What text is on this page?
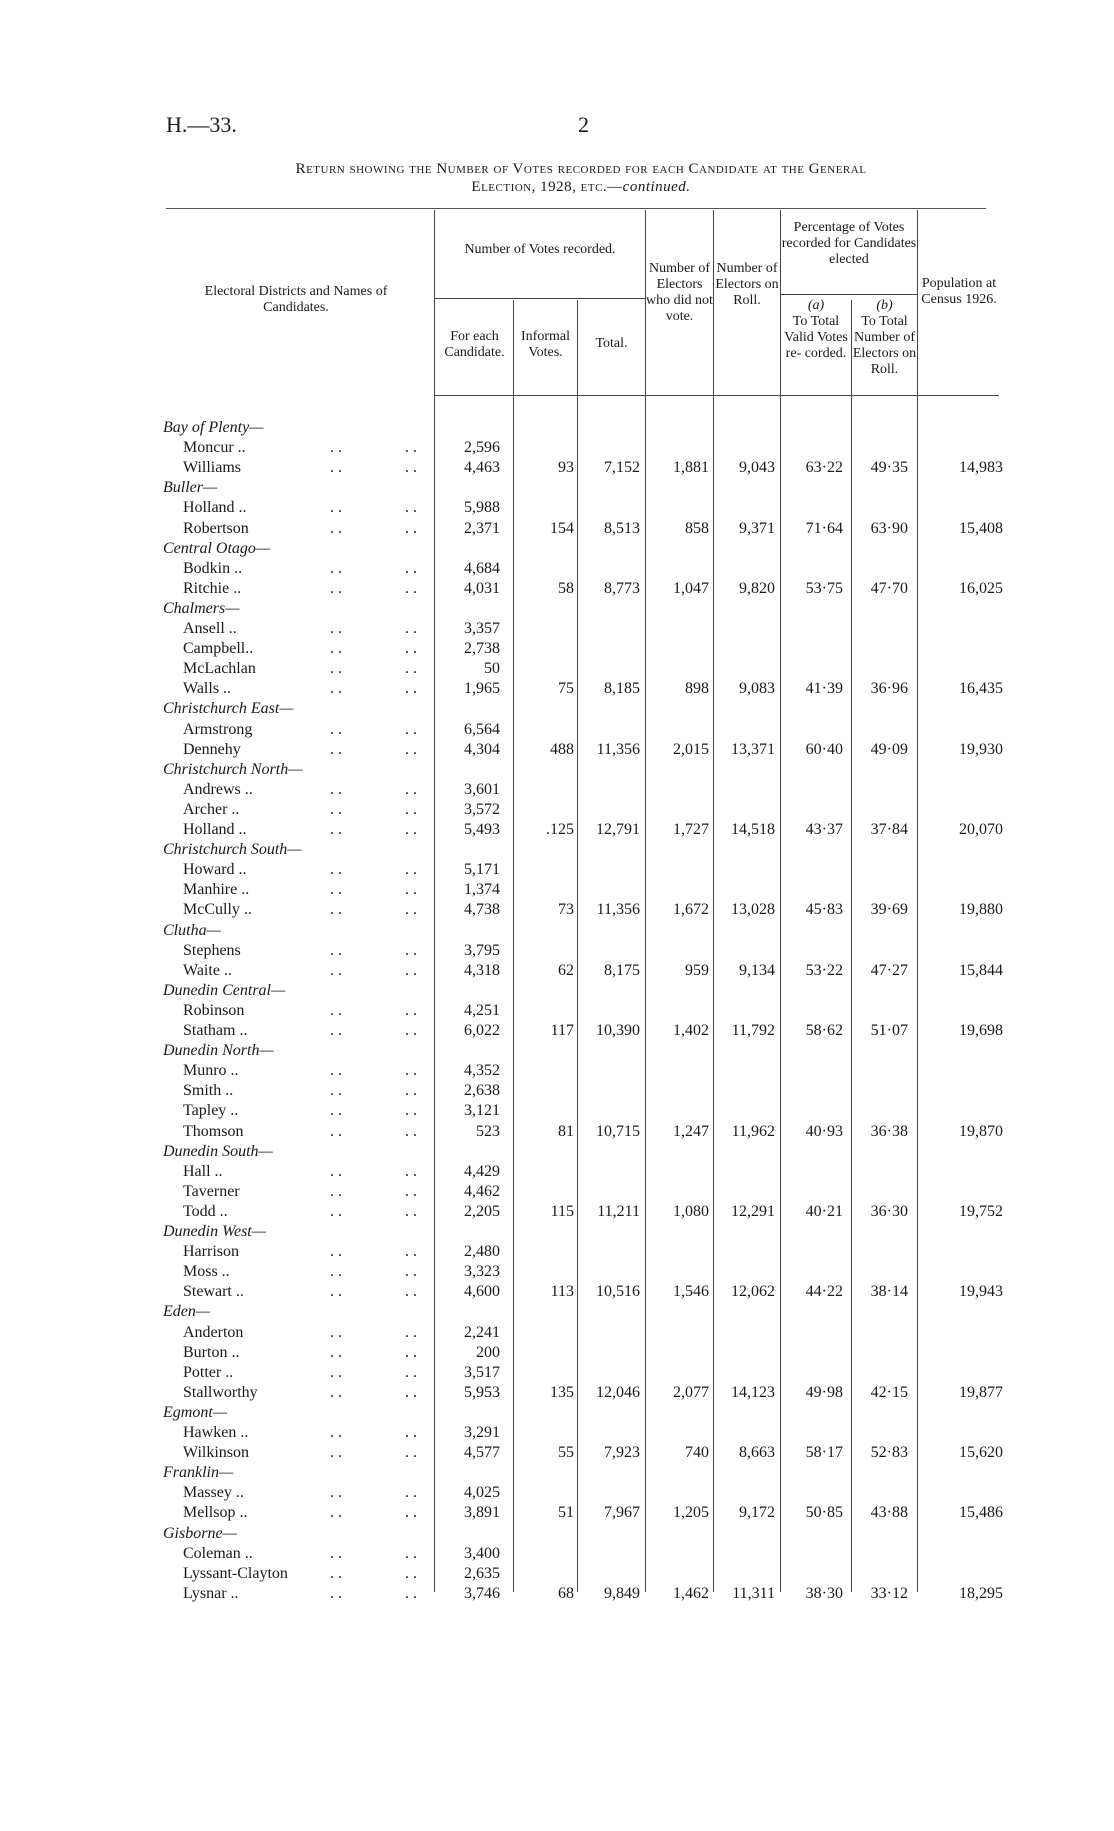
H.—33.	2
Return showing the Number of Votes recorded for each Candidate at the General
Election, 1928, etc.—continued.
Electoral Districts and Names of Candidates.
Number of Votes recorded.
For each Candidate.
Informal Votes.
Total.
Number of Electors who did not vote.
Number of Electors on Roll.
Percentage of Votes recorded for Candidates elected
(a)
To Total Valid Votes re- corded.
(b)
To Total Number of Electors on Roll.
Population at Census 1926.
Bay of Plenty—
Moncur ..	..	..	2,596
Williams	..	..	4,463	93 7,152 1,881 9,043 63·22 49·35	14,983
Buller—
Holland ..	..	..	5,988
Robertson	..	..	2,371	154 8,513	858 9,371 71·64 63·90	15,408
Central Otago—
Bodkin ..	..	..	4,684
Ritchie ..	..	..	4,031	58 8,773 1,047 9,820 53·75 47·70	16,025
Chalmers—
Ansell ..	..	..	3,357
Campbell..	..	..	2,738
McLachlan	..	..	50
Walls ..	..	..	1,965	75 8,185	898 9,083 41·39 36·96	16,435
Christchurch East—
Armstrong	..	..	6,564
Dennehy	..	..	4,304	488 11,356 2,015 13,371 60·40 49·09	19,930
Christchurch North—
Andrews ..	..	..	3,601
Archer ..	..	..	3,572
Holland ..	..	..	5,493	.125 12,791 1,727 14,518 43·37 37·84	20,070
Christchurch South—
Howard ..	..	..	5,171
Manhire ..	..	..	1,374
McCully ..	..	..	4,738	73 11,356 1,672 13,028 45·83 39·69	19,880
Clutha—
Stephens	..	..	3,795
Waite ..	..	..	4,318	62 8,175	959 9,134 53·22 47·27	15,844
Dunedin Central—
Robinson	..	..	4,251
Statham ..	..	..	6,022	117 10,390 1,402 11,792 58·62 51·07	19,698
Dunedin North—
Munro ..	..	..	4,352
Smith ..	..	..	2,638
Tapley ..	..	..	3,121
Thomson	..	..	523	81 10,715 1,247 11,962 40·93 36·38	19,870
Dunedin South—
Hall ..	..	..	4,429
Taverner	..	..	4,462
Todd ..	..	..	2,205	115 11,211 1,080 12,291 40·21 36·30	19,752
Dunedin West—
Harrison	..	..	2,480
Moss ..	..	..	3,323
Stewart ..	..	..	4,600	113 10,516 1,546 12,062 44·22 38·14	19,943
Eden—
Anderton	..	..	2,241
Burton ..	..	..	200
Potter ..	..	..	3,517
Stallworthy	..	..	5,953	135 12,046 2,077 14,123 49·98 42·15	19,877
Egmont—
Hawken ..	..	..	3,291
Wilkinson	..	..	4,577	55 7,923	740 8,663 58·17 52·83	15,620
Franklin—
Massey ..	..	..	4,025
Mellsop ..	..	..	3,891	51 7,967 1,205 9,172 50·85 43·88	15,486
Gisborne—
Coleman ..	..	..	3,400
Lyssant-Clayton	..	..	2,635
Lysnar ..	..	..	3,746	68 9,849 1,462 11,311 38·30 33·12	18,295
